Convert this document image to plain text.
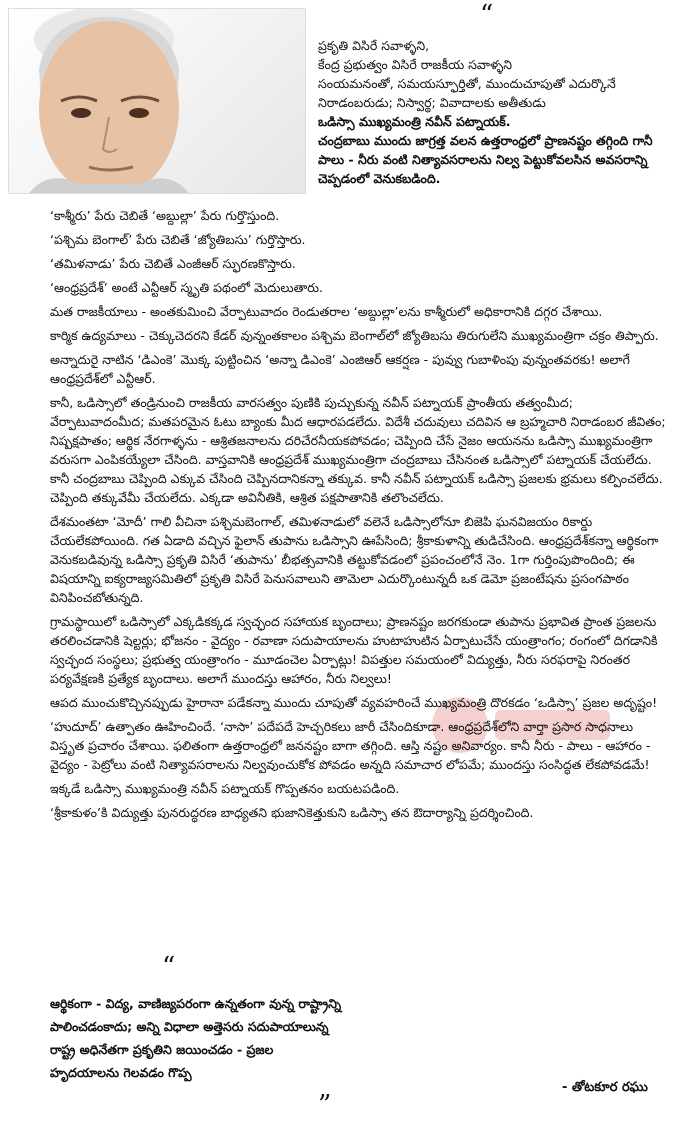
“

ప్రకృతి విసిరే సవాళ్ళని,

కేంద్ర ప్రభుత్వం విసిరే రాజకీయ సవాళ్ళని

సంయమనంతో, సమయస్ఫూర్తితో, ముందుచూపుతో ఎదుర్కొనే నిరాడంబరుడు; నిస్వార్థ; వివాదాలకు అతీతుడు

ఒడిస్సా ముఖ్యమంత్రి నవీన్ పట్నాయక్.

చంద్రబాబు ముందు జాగ్రత్త వలన ఉత్తరాంధ్రలో ప్రాణనష్టం తగ్గింది గానీ పాలు - నీరు వంటి నిత్యావసరాలను నిల్వ పెట్టుకోవలసిన అవసరాన్ని చెప్పడంలో వెనుకబడింది.

‘కాశ్మీరు’ పేరు చెబితే ‘అబ్దుల్లా’ పేరు గుర్తొస్తుంది.

‘పశ్చిమ బెంగాల్’ పేరు చెబితే ‘జ్యోతిబసు’ గుర్తొస్తారు.

‘తమిళనాడు’ పేరు చెబితే ఎంజీఆర్ స్ఫురణకొస్తారు.

‘ఆంధ్రప్రదేశ్’ అంటే ఎన్టీఆర్ స్మృతి పథంలో మెదులుతారు.

మత రాజకీయాలు - అంతకుమించి వేర్పాటువాదం రెండుతరాల ‘అబ్దుల్లా’లను కాశ్మీరులో అధికారానికి దగ్గర చేశాయి.

కార్మిక ఉద్యమాలు - చెక్కుచెదరని కేడర్ వున్నంతకాలం పశ్చిమ బెంగాల్‌లో జ్యోతిబసు తిరుగులేని ముఖ్యమంత్రిగా చక్రం తిప్పారు.

అన్నాదురై నాటిన ‘డిఎంకె’ మొక్క పుట్టించిన ‘అన్నా డిఎంకె’ ఎంజిఆర్ ఆకర్షణ - పువ్వు గుబాళింపు వున్నంతవరకు! అలాగే ఆంధ్రప్రదేశ్‌లో ఎన్టీఆర్.

కానీ, ఒడిస్సాలో తండ్రినుంచి రాజకీయ వారసత్వం పుణికి పుచ్చుకున్న నవీన్ పట్నాయక్ ప్రాంతీయ తత్వంమీద; వేర్పాటువాదంమీద; మతపరమైన ఓటు బ్యాంకు మీద ఆధారపడలేదు. విదేశీ చదువులు చదివిన ఆ బ్రహ్మచారి నిరాడంబర జీవితం; నిష్పక్షపాతం; ఆర్థిక నేరగాళ్ళను - ఆశ్రితజనాలను దరిచేరనీయకపోవడం; చెప్పింది చేసే నైజం ఆయనను ఒడిస్సా ముఖ్యమంత్రిగా వరుసగా ఎంపికయ్యేలా చేసింది. వాస్తవానికి ఆంధ్రప్రదేశ్ ముఖ్యమంత్రిగా చంద్రబాబు చేసినంత ఒడిస్సాలో పట్నాయక్ చేయలేదు. కానీ చంద్రబాబు చెప్పింది ఎక్కువ చేసింది చెప్పినదానికన్నా తక్కువ. కానీ నవీన్ పట్నాయక్ ఒడిస్సా ప్రజలకు భ్రమలు కల్పించలేదు. చెప్పింది తక్కువేమీ చేయలేదు. ఎక్కడా అవినీతికి, ఆశ్రిత పక్షపాతానికి తలొంచలేదు.

దేశమంతటా ‘మోదీ’ గాలి వీచినా పశ్చిమబెంగాల్, తమిళనాడులో వలెనే ఒడిస్సాలోనూ బిజెపి ఘనవిజయం రికార్డు చేయలేకపోయింది. గత ఏడాది వచ్చిన ఫైలాన్ తుపాను ఒడిస్సాని ఊపేసింది; శ్రీకాకుళాన్ని తుడిచేసింది. ఆంధ్రప్రదేశ్‌కన్నా ఆర్థికంగా వెనుకబడివున్న ఒడిస్సా ప్రకృతి విసిరే ‘తుపాను’ బీభత్సవానికి తట్టుకోవడంలో ప్రపంచంలోనే నెం. 1గా గుర్తింపుపొందింది; ఈ విషయాన్ని ఐక్యరాజ్యసమితిలో ప్రకృతి విసిరే పెనుసవాలుని తామెలా ఎదుర్కొంటున్నదీ ఒక డెమో ప్రజంటేషను ప్రసంగపాఠం వినిపించబోతున్నది.

గ్రామస్థాయిలో ఒడిస్సాలో ఎక్కడికక్కడ స్వచ్ఛంద సహాయక బృందాలు; ప్రాణనష్టం జరగకుండా తుపాను ప్రభావిత ప్రాంత ప్రజలను తరలించడానికి షెల్టర్లు; భోజనం - వైద్యం - రవాణా సదుపాయాలను హుటాహుటిన ఏర్పాటుచేసే యంత్రాంగం; రంగంలో దిగడానికి స్వచ్ఛంద సంస్థలు; ప్రభుత్వ యంత్రాంగం - మూడంచెల ఏర్పాట్లు! విపత్తుల సమయంలో విద్యుత్తు, నీరు సరఫరాపై నిరంతర పర్యవేక్షణకి ప్రత్యేక బృందాలు. అలాగే ముందస్తు ఆహారం, నీరు నిల్వలు!

ఆపద ముంచుకొచ్చినప్పుడు హైరానా పడేకన్నా ముందు చూపుతో వ్యవహరించే ముఖ్యమంత్రి దొరకడం ‘ఒడిస్సా’ ప్రజల అదృష్టం!

‘హుదూద్’ ఉత్పాతం ఊహించిందే. ‘నాసా’ పదేపదే హెచ్చరికలు జారీ చేసిందికూడా. ఆంధ్రప్రదేశ్‌లోని వార్తా ప్రసార సాధనాలు విస్తృత ప్రచారం చేశాయి. ఫలితంగా ఉత్తరాంధ్రలో జననష్టం బాగా తగ్గింది. ఆస్తి నష్టం అనివార్యం. కానీ నీరు - పాలు - ఆహారం - వైద్యం - పెట్రోలు వంటి నిత్యావసరాలను నిల్వవుంచుకోక పోవడం అన్నది సమాచార లోపమే; ముందస్తు సంసిద్ధత లేకపోవడమే!

ఇక్కడే ఒడిస్సా ముఖ్యమంత్రి నవీన్ పట్నాయక్ గొప్పతనం బయటపడింది.

‘శ్రీకాకుళం’కి విద్యుత్తు పునరుద్ధరణ బాధ్యతని భుజానికెత్తుకుని ఒడిస్సా తన ఔదార్యాన్ని ప్రదర్శించింది.

“

ఆర్థికంగా - విద్య, వాణిజ్యపరంగా ఉన్నతంగా వున్న రాష్ట్రాన్ని

పాలించడంకాదు; అన్ని విధాలా అత్తెసరు సదుపాయాలున్న

రాష్ట్ర అధినేతగా ప్రకృతిని జయించడం - ప్రజల

హృదయాలను గెలవడం గొప్ప

”
- తోటకూర రఘు
